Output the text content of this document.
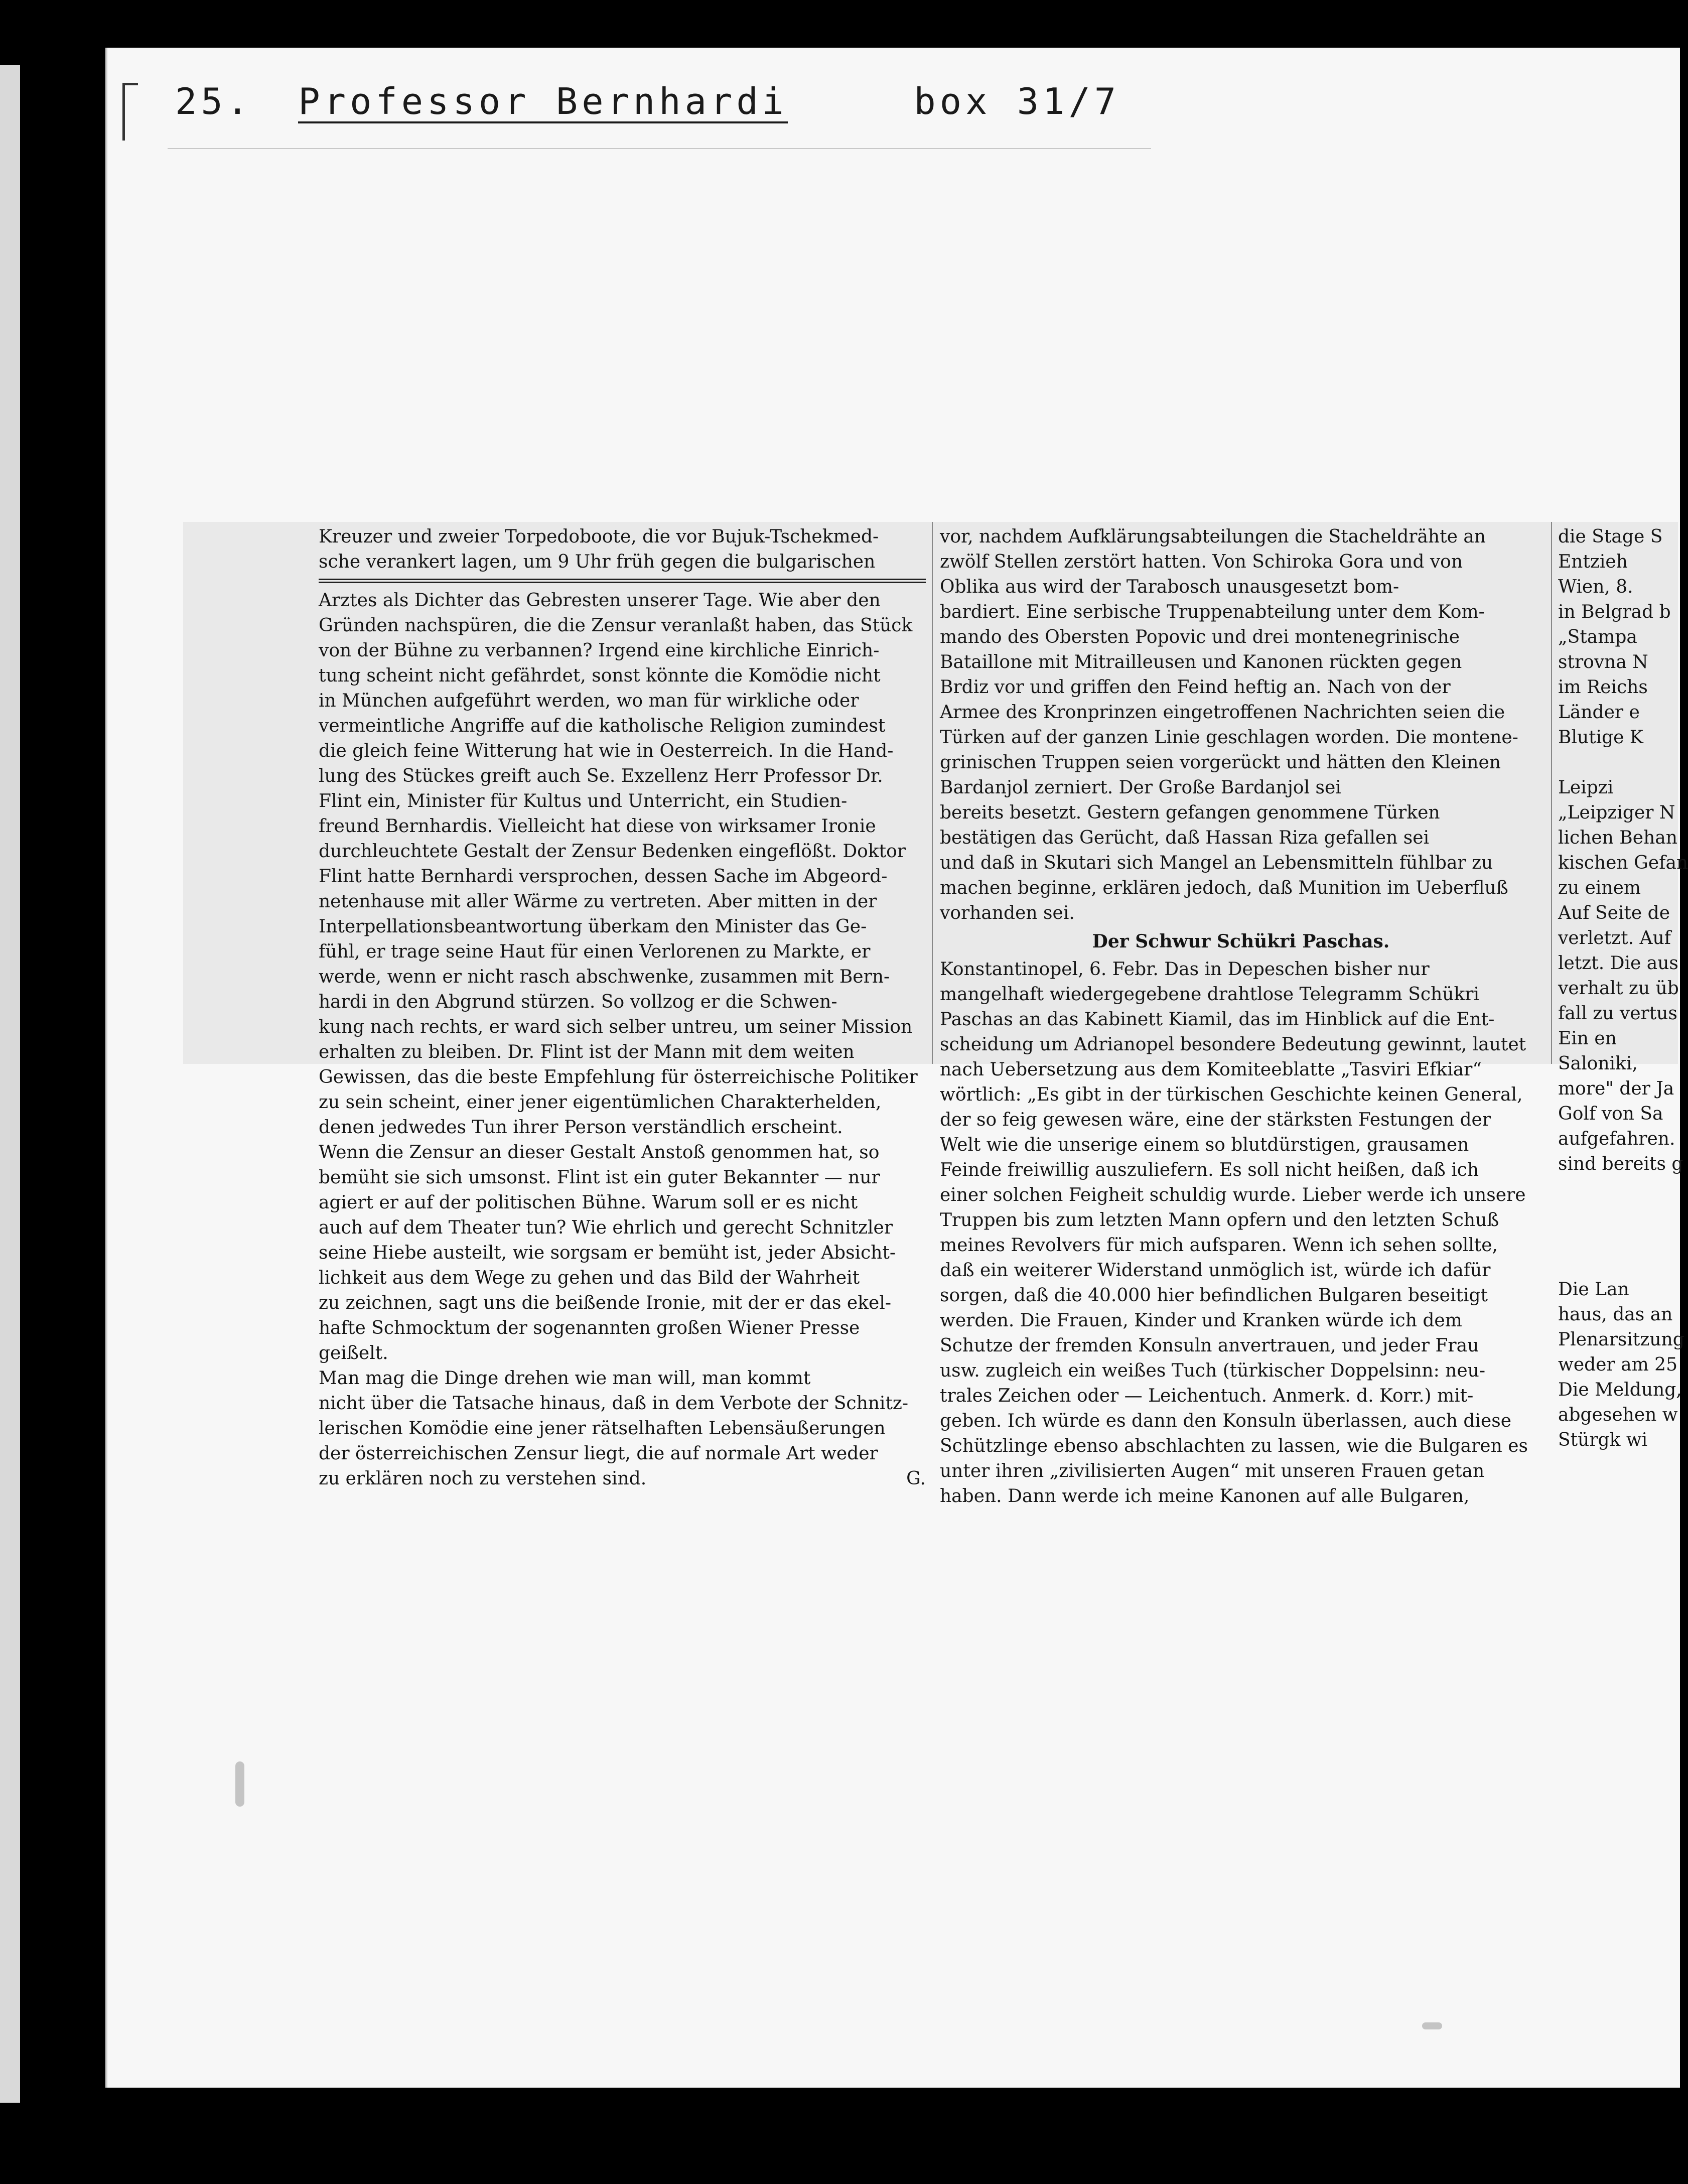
25. Professor Bernhardi	box 31/7
Kreuzer und zweier Torpedoboote, die vor Bujuk-Tschekmed-
sche verankert lagen, um 9 Uhr früh gegen die bulgarischen
Arztes als Dichter das Gebresten unserer Tage. Wie aber den
Gründen nachspüren, die die Zensur veranlaßt haben, das Stück
von der Bühne zu verbannen? Irgend eine kirchliche Einrich-
tung scheint nicht gefährdet, sonst könnte die Komödie nicht
in München aufgeführt werden, wo man für wirkliche oder
vermeintliche Angriffe auf die katholische Religion zumindest
die gleich feine Witterung hat wie in Oesterreich. In die Hand-
lung des Stückes greift auch Se. Exzellenz Herr Professor Dr.
Flint ein, Minister für Kultus und Unterricht, ein Studien-
freund Bernhardis. Vielleicht hat diese von wirksamer Ironie
durchleuchtete Gestalt der Zensur Bedenken eingeflößt. Doktor
Flint hatte Bernhardi versprochen, dessen Sache im Abgeord-
netenhause mit aller Wärme zu vertreten. Aber mitten in der
Interpellationsbeantwortung überkam den Minister das Ge-
fühl, er trage seine Haut für einen Verlorenen zu Markte, er
werde, wenn er nicht rasch abschwenke, zusammen mit Bern-
hardi in den Abgrund stürzen. So vollzog er die Schwen-
kung nach rechts, er ward sich selber untreu, um seiner Mission
erhalten zu bleiben. Dr. Flint ist der Mann mit dem weiten
Gewissen, das die beste Empfehlung für österreichische Politiker
zu sein scheint, einer jener eigentümlichen Charakterhelden,
denen jedwedes Tun ihrer Person verständlich erscheint.
Wenn die Zensur an dieser Gestalt Anstoß genommen hat, so
bemüht sie sich umsonst. Flint ist ein guter Bekannter — nur
agiert er auf der politischen Bühne. Warum soll er es nicht
auch auf dem Theater tun? Wie ehrlich und gerecht Schnitzler
seine Hiebe austeilt, wie sorgsam er bemüht ist, jeder Absicht-
lichkeit aus dem Wege zu gehen und das Bild der Wahrheit
zu zeichnen, sagt uns die beißende Ironie, mit der er das ekel-
hafte Schmocktum der sogenannten großen Wiener Presse
geißelt.
Man mag die Dinge drehen wie man will, man kommt
nicht über die Tatsache hinaus, daß in dem Verbote der Schnitz-
lerischen Komödie eine jener rätselhaften Lebensäußerungen
der österreichischen Zensur liegt, die auf normale Art weder
zu erklären noch zu verstehen sind.	G.
vor, nachdem Aufklärungsabteilungen die Stacheldrähte an
zwölf Stellen zerstört hatten. Von Schiroka Gora und von
Oblika aus wird der Tarabosch unausgesetzt bom-
bardiert. Eine serbische Truppenabteilung unter dem Kom-
mando des Obersten Popovic und drei montenegrinische
Bataillone mit Mitrailleusen und Kanonen rückten gegen
Brdiz vor und griffen den Feind heftig an. Nach von der
Armee des Kronprinzen eingetroffenen Nachrichten seien die
Türken auf der ganzen Linie geschlagen worden. Die montene-
grinischen Truppen seien vorgerückt und hätten den Kleinen
Bardanjol zerniert. Der Große Bardanjol sei
bereits besetzt. Gestern gefangen genommene Türken
bestätigen das Gerücht, daß Hassan Riza gefallen sei
und daß in Skutari sich Mangel an Lebensmitteln fühlbar zu
machen beginne, erklären jedoch, daß Munition im Ueberfluß
vorhanden sei.
Der Schwur Schükri Paschas.
Konstantinopel, 6. Febr. Das in Depeschen bisher nur
mangelhaft wiedergegebene drahtlose Telegramm Schükri
Paschas an das Kabinett Kiamil, das im Hinblick auf die Ent-
scheidung um Adrianopel besondere Bedeutung gewinnt, lautet
nach Uebersetzung aus dem Komiteeblatte „Tasviri Efkiar“
wörtlich: „Es gibt in der türkischen Geschichte keinen General,
der so feig gewesen wäre, eine der stärksten Festungen der
Welt wie die unserige einem so blutdürstigen, grausamen
Feinde freiwillig auszuliefern. Es soll nicht heißen, daß ich
einer solchen Feigheit schuldig wurde. Lieber werde ich unsere
Truppen bis zum letzten Mann opfern und den letzten Schuß
meines Revolvers für mich aufsparen. Wenn ich sehen sollte,
daß ein weiterer Widerstand unmöglich ist, würde ich dafür
sorgen, daß die 40.000 hier befindlichen Bulgaren beseitigt
werden. Die Frauen, Kinder und Kranken würde ich dem
Schutze der fremden Konsuln anvertrauen, und jeder Frau
usw. zugleich ein weißes Tuch (türkischer Doppelsinn: neu-
trales Zeichen oder — Leichentuch. Anmerk. d. Korr.) mit-
geben. Ich würde es dann den Konsuln überlassen, auch diese
Schützlinge ebenso abschlachten zu lassen, wie die Bulgaren es
unter ihren „zivilisierten Augen“ mit unseren Frauen getan
haben. Dann werde ich meine Kanonen auf alle Bulgaren,
die Stage S
Entzieh
Wien, 8.
in Belgrad b
„Stampa
strovna N
im Reichs
Länder e
Blutige K

Leipzi
„Leipziger N
lichen Behan
kischen Gefan
zu einem
Auf Seite de
verletzt. Auf
letzt. Die aus
verhalt zu üb
fall zu vertus
Ein en
Saloniki,
more" der Ja
Golf von Sa
aufgefahren.
sind bereits g

Die Lan
haus, das an
Plenarsitzung
weder am 25
Die Meldung,
abgesehen w
Stürgk wi
